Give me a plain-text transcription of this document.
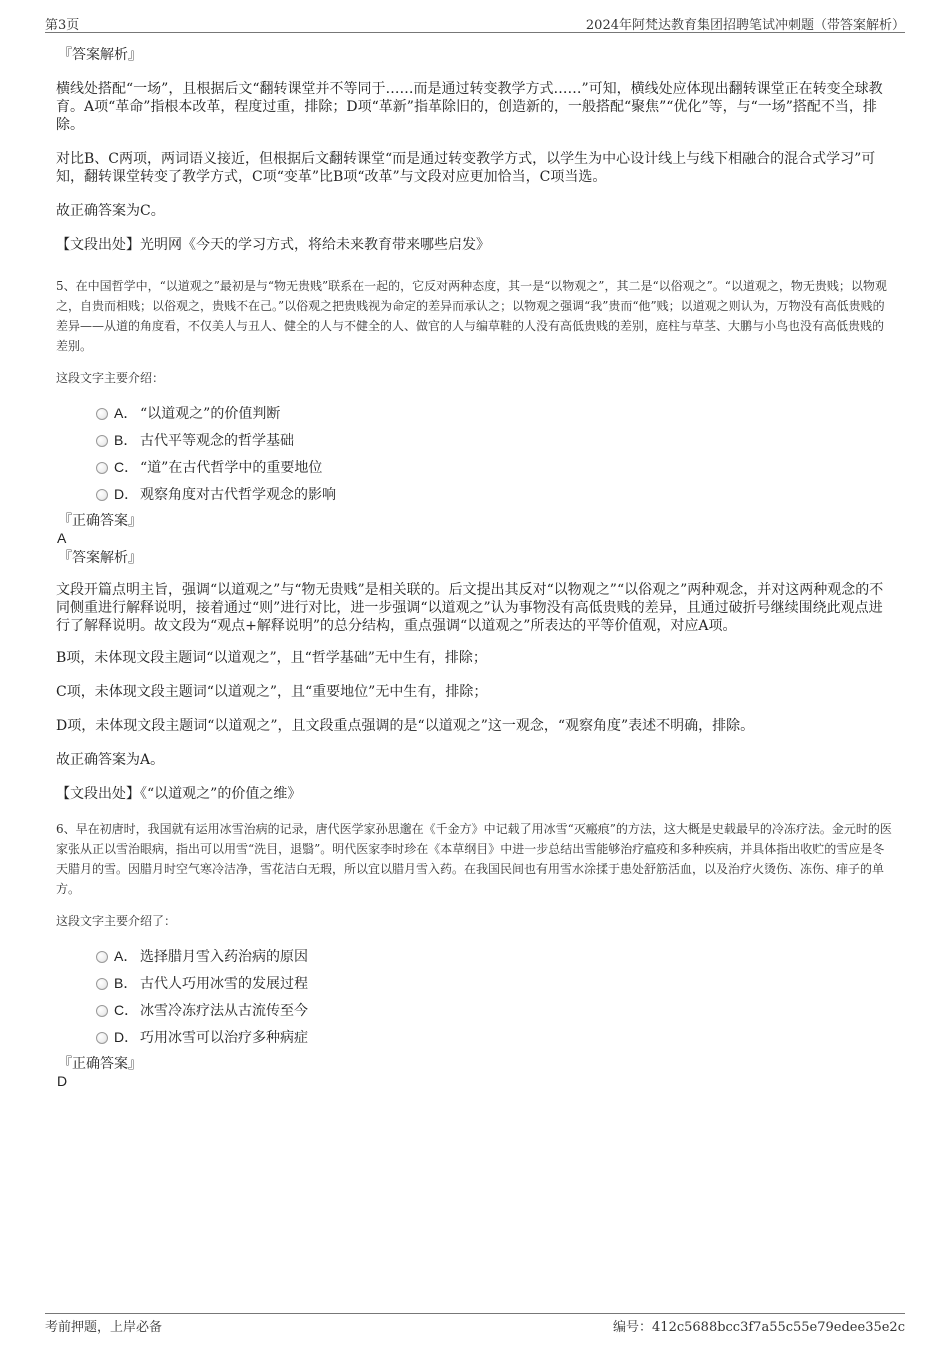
第3页	2024年阿梵达教育集团招聘笔试冲刺题（带答案解析）

『答案解析』

横线处搭配“一场”，且根据后文“翻转课堂并不等同于……而是通过转变教学方式……”可知，横线处应体现出翻转课堂正在转变全球教育。A项“革命”指根本改革，程度过重，排除；D项“革新”指革除旧的，创造新的，一般搭配“聚焦”“优化”等，与“一场”搭配不当，排除。

对比B、C两项，两词语义接近，但根据后文翻转课堂“而是通过转变教学方式，以学生为中心设计线上与线下相融合的混合式学习”可知，翻转课堂转变了教学方式，C项“变革”比B项“改革”与文段对应更加恰当，C项当选。

故正确答案为C。

【文段出处】光明网《今天的学习方式，将给未来教育带来哪些启发》

5、在中国哲学中，“以道观之”最初是与“物无贵贱”联系在一起的，它反对两种态度，其一是“以物观之”，其二是“以俗观之”。“以道观之，物无贵贱；以物观之，自贵而相贱；以俗观之，贵贱不在己。”以俗观之把贵贱视为命定的差异而承认之；以物观之强调“我”贵而“他”贱；以道观之则认为，万物没有高低贵贱的差异——从道的角度看，不仅美人与丑人、健全的人与不健全的人、做官的人与编草鞋的人没有高低贵贱的差别，庭柱与草茎、大鹏与小鸟也没有高低贵贱的差别。

这段文字主要介绍：

A． “以道观之”的价值判断
B． 古代平等观念的哲学基础
C． “道”在古代哲学中的重要地位
D． 观察角度对古代哲学观念的影响

『正确答案』

A

『答案解析』

文段开篇点明主旨，强调“以道观之”与“物无贵贱”是相关联的。后文提出其反对“以物观之”“以俗观之”两种观念，并对这两种观念的不同侧重进行解释说明，接着通过“则”进行对比，进一步强调“以道观之”认为事物没有高低贵贱的差异，且通过破折号继续围绕此观点进行了解释说明。故文段为“观点+解释说明”的总分结构，重点强调“以道观之”所表达的平等价值观，对应A项。

B项，未体现文段主题词“以道观之”，且“哲学基础”无中生有，排除；

C项，未体现文段主题词“以道观之”，且“重要地位”无中生有，排除；

D项，未体现文段主题词“以道观之”，且文段重点强调的是“以道观之”这一观念，“观察角度”表述不明确，排除。

故正确答案为A。

【文段出处】《“以道观之”的价值之维》

6、早在初唐时，我国就有运用冰雪治病的记录，唐代医学家孙思邈在《千金方》中记载了用冰雪“灭瘢痕”的方法，这大概是史载最早的冷冻疗法。金元时的医家张从正以雪治眼病，指出可以用雪“洗目，退翳”。明代医家李时珍在《本草纲目》中进一步总结出雪能够治疗瘟疫和多种疾病，并具体指出收贮的雪应是冬天腊月的雪。因腊月时空气寒冷洁净，雪花洁白无瑕，所以宜以腊月雪入药。在我国民间也有用雪水涂揉于患处舒筋活血，以及治疗火烫伤、冻伤、痱子的单方。

这段文字主要介绍了：

A． 选择腊月雪入药治病的原因
B． 古代人巧用冰雪的发展过程
C． 冰雪冷冻疗法从古流传至今
D． 巧用冰雪可以治疗多种病症

『正确答案』

D

考前押题，上岸必备	编号：412c5688bcc3f7a55c55e79edee35e2c
